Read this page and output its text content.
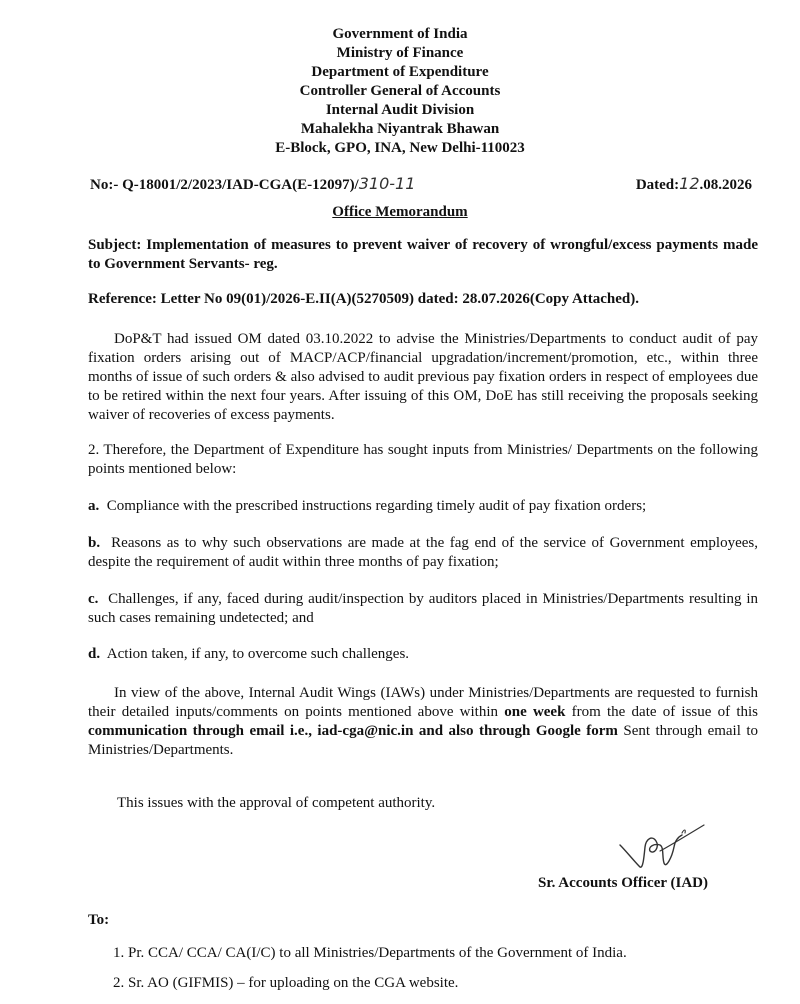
Government of India
Ministry of Finance
Department of Expenditure
Controller General of Accounts
Internal Audit Division
Mahalekha Niyantrak Bhawan
E-Block, GPO, INA, New Delhi-110023
No:- Q-18001/2/2023/IAD-CGA(E-12097)/310-11	Dated:12.08.2026
Office Memorandum
Subject: Implementation of measures to prevent waiver of recovery of wrongful/excess payments made to Government Servants- reg.
Reference: Letter No 09(01)/2026-E.II(A)(5270509) dated: 28.07.2026(Copy Attached).
DoP&T had issued OM dated 03.10.2022 to advise the Ministries/Departments to conduct audit of pay fixation orders arising out of MACP/ACP/financial upgradation/increment/promotion, etc., within three months of issue of such orders & also advised to audit previous pay fixation orders in respect of employees due to be retired within the next four years. After issuing of this OM, DoE has still receiving the proposals seeking waiver of recoveries of excess payments.
2. Therefore, the Department of Expenditure has sought inputs from Ministries/ Departments on the following points mentioned below:
a. Compliance with the prescribed instructions regarding timely audit of pay fixation orders;
b. Reasons as to why such observations are made at the fag end of the service of Government employees, despite the requirement of audit within three months of pay fixation;
c. Challenges, if any, faced during audit/inspection by auditors placed in Ministries/Departments resulting in such cases remaining undetected; and
d. Action taken, if any, to overcome such challenges.
In view of the above, Internal Audit Wings (IAWs) under Ministries/Departments are requested to furnish their detailed inputs/comments on points mentioned above within one week from the date of issue of this communication through email i.e., iad-cga@nic.in and also through Google form Sent through email to Ministries/Departments.
This issues with the approval of competent authority.
Sr. Accounts Officer (IAD)
To:
1. Pr. CCA/ CCA/ CA(I/C) to all Ministries/Departments of the Government of India.
2. Sr. AO (GIFMIS) – for uploading on the CGA website.
